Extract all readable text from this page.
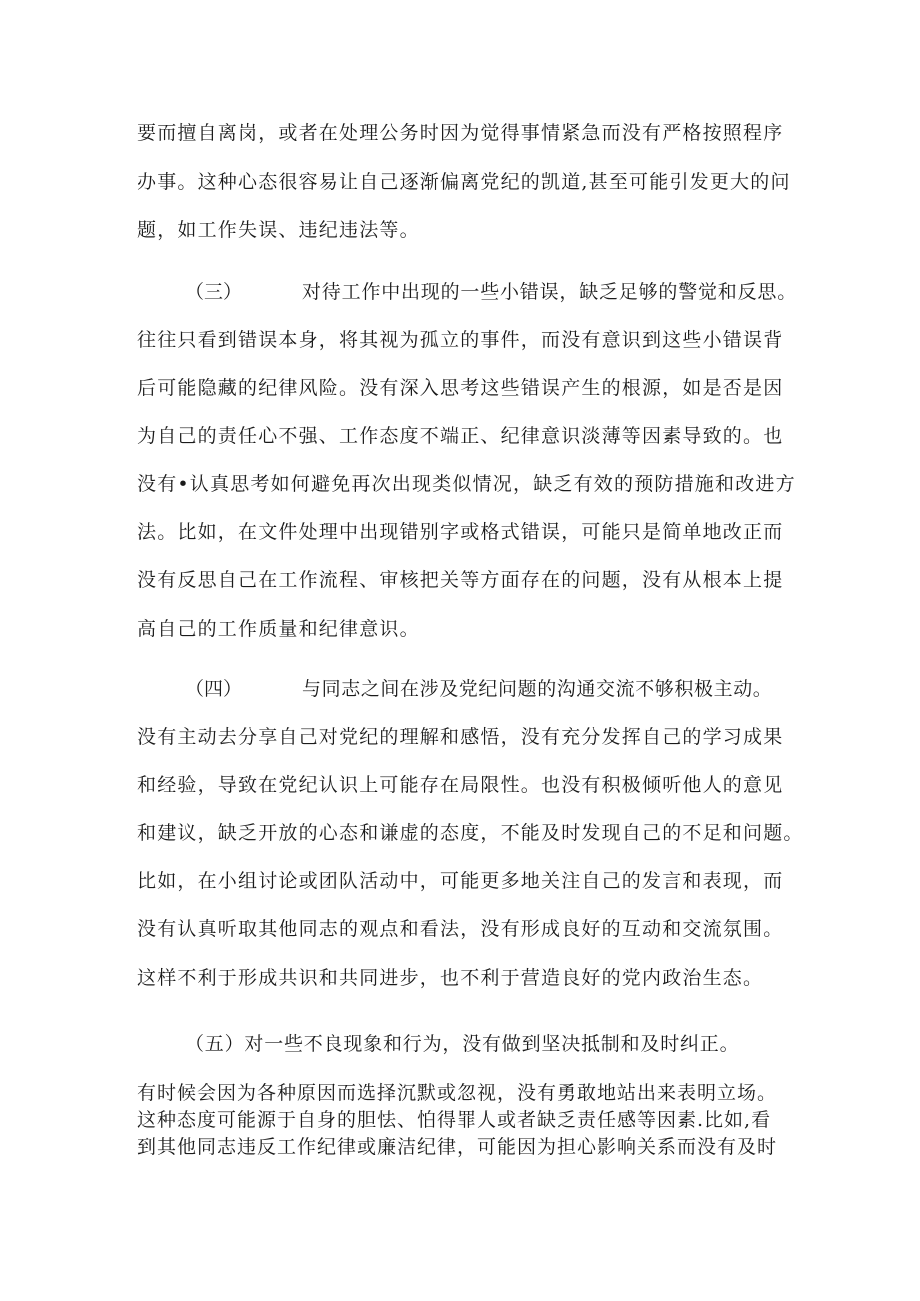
要而擅自离岗，或者在处理公务时因为觉得事情紧急而没有严格按照程序
办事。这种心态很容易让自己逐渐偏离党纪的凯道,甚至可能引发更大的问
题，如工作失误、违纪违法等。
（三）	对待工作中出现的一些小错误，缺乏足够的警觉和反思。
往往只看到错误本身，将其视为孤立的事件，而没有意识到这些小错误背
后可能隐藏的纪律风险。没有深入思考这些错误产生的根源，如是否是因
为自己的责任心不强、工作态度不端正、纪律意识淡薄等因素导致的。也
没有•认真思考如何避免再次出现类似情况，缺乏有效的预防措施和改进方
法。比如，在文件处理中出现错别字或格式错误，可能只是简单地改正而
没有反思自己在工作流程、审核把关等方面存在的问题，没有从根本上提
高自己的工作质量和纪律意识。
（四）	与同志之间在涉及党纪问题的沟通交流不够积极主动。
没有主动去分享自己对党纪的理解和感悟，没有充分发挥自己的学习成果
和经验，导致在党纪认识上可能存在局限性。也没有积极倾听他人的意见
和建议，缺乏开放的心态和谦虚的态度，不能及时发现自己的不足和问题。
比如，在小组讨论或团队活动中，可能更多地关注自己的发言和表现，而
没有认真听取其他同志的观点和看法，没有形成良好的互动和交流氛围。
这样不利于形成共识和共同进步，也不利于营造良好的党内政治生态。
（五）对一些不良现象和行为，没有做到坚决抵制和及时纠正。
有时候会因为各种原因而选择沉默或忽视，没有勇敢地站出来表明立场。
这种态度可能源于自身的胆怯、怕得罪人或者缺乏责任感等因素.比如,看
到其他同志违反工作纪律或廉洁纪律，可能因为担心影响关系而没有及时
